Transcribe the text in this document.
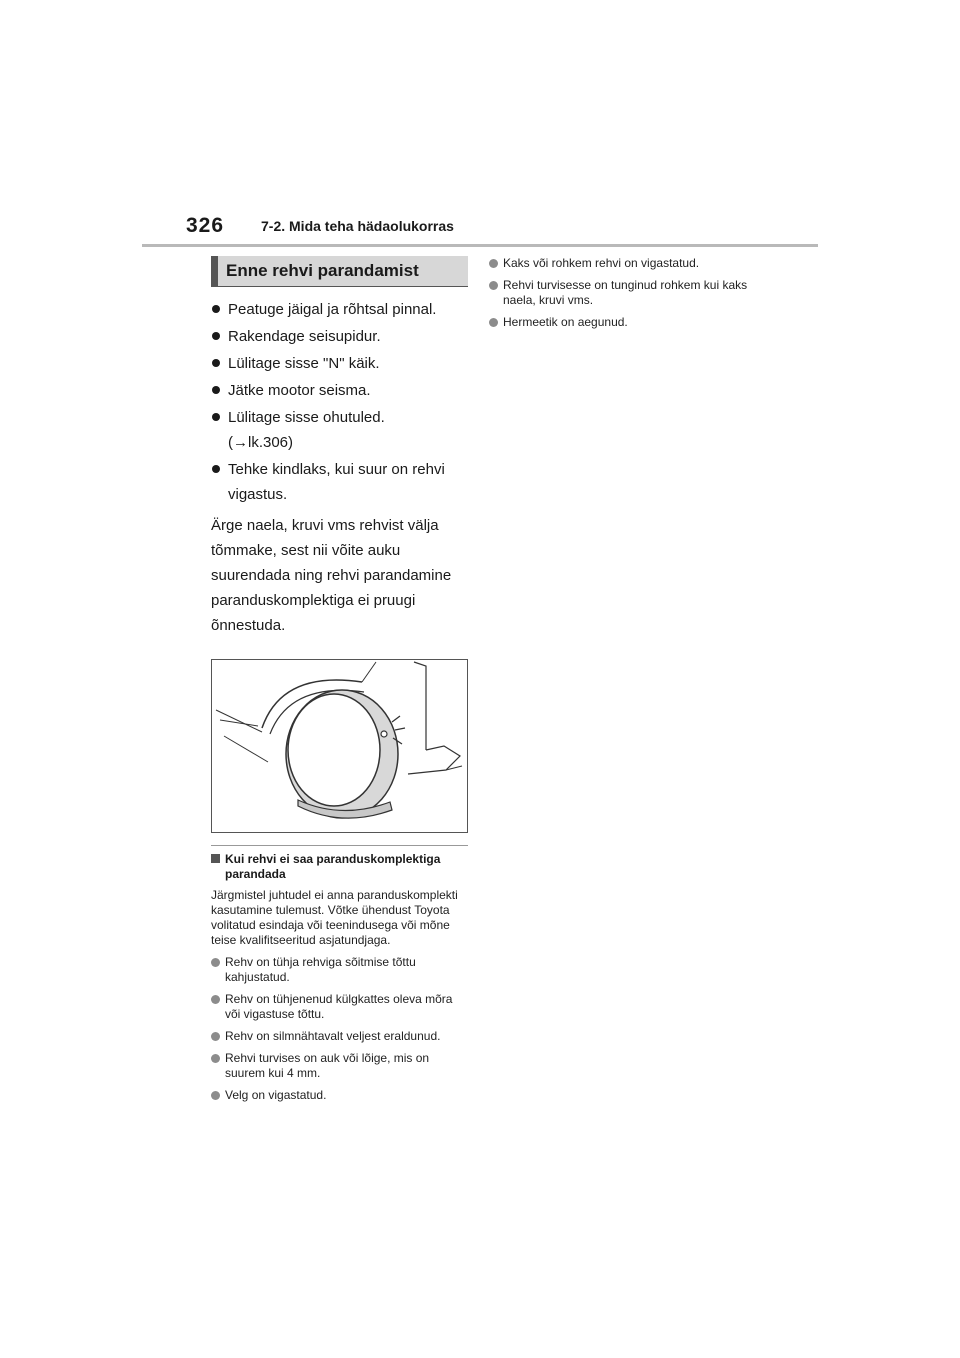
326	7-2. Mida teha hädaolukorras
Enne rehvi parandamist
Peatuge jäigal ja rõhtsal pinnal.
Rakendage seisupidur.
Lülitage sisse "N" käik.
Jätke mootor seisma.
Lülitage sisse ohutuled.
(→lk.306)
Tehke kindlaks, kui suur on rehvi vigastus.

Ärge naela, kruvi vms rehvist välja tõmmake, sest nii võite auku suurendada ning rehvi parandamine paranduskomplektiga ei pruugi õnnestuda.

Kui rehvi ei saa paranduskomplektiga parandada

Järgmistel juhtudel ei anna paranduskomplekti kasutamine tulemust. Võtke ühendust Toyota volitatud esindaja või teenindusega või mõne teise kvalifitseeritud asjatundjaga.

Rehv on tühja rehviga sõitmise tõttu kahjustatud.
Rehv on tühjenenud külgkattes oleva mõra või vigastuse tõttu.
Rehv on silmnähtavalt veljest eraldunud.
Rehvi turvises on auk või lõige, mis on suurem kui 4 mm.
Velg on vigastatud.
Kaks või rohkem rehvi on vigastatud.
Rehvi turvisesse on tunginud rohkem kui kaks naela, kruvi vms.
Hermeetik on aegunud.
